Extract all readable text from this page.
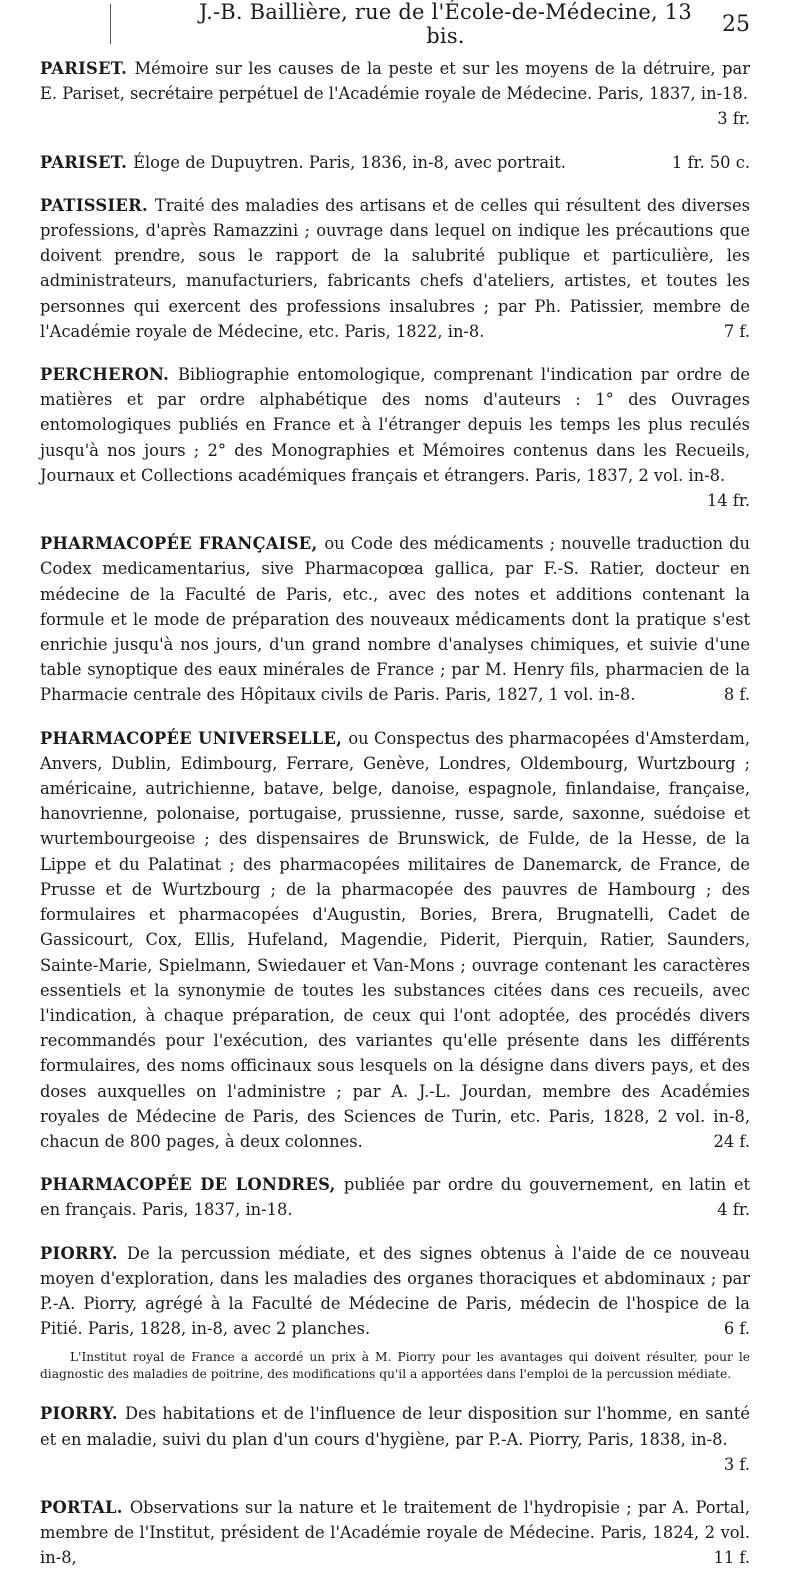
J.-B. Baillière, rue de l'École-de-Médecine, 13 bis.	25
PARISET. Mémoire sur les causes de la peste et sur les moyens de la détruire, par E. Pariset, secrétaire perpétuel de l'Académie royale de Médecine. Paris, 1837, in-18.
3 fr.
PARISET. Éloge de Dupuytren. Paris, 1836, in-8, avec portrait.	1 fr. 50 c.
PATISSIER. Traité des maladies des artisans et de celles qui résultent des diverses professions, d'après Ramazzini ; ouvrage dans lequel on indique les précautions que doivent prendre, sous le rapport de la salubrité publique et particulière, les administrateurs, manufacturiers, fabricants chefs d'ateliers, artistes, et toutes les personnes qui exercent des professions insalubres ; par Ph. Patissier, membre de l'Académie royale de Médecine, etc. Paris, 1822, in-8.	7 f.
PERCHERON. Bibliographie entomologique, comprenant l'indication par ordre de matières et par ordre alphabétique des noms d'auteurs : 1° des Ouvrages entomologiques publiés en France et à l'étranger depuis les temps les plus reculés jusqu'à nos jours ; 2° des Monographies et Mémoires contenus dans les Recueils, Journaux et Collections académiques français et étrangers. Paris, 1837, 2 vol. in-8.
14 fr.
PHARMACOPÉE FRANÇAISE, ou Code des médicaments ; nouvelle traduction du Codex medicamentarius, sive Pharmacopœa gallica, par F.-S. Ratier, docteur en médecine de la Faculté de Paris, etc., avec des notes et additions contenant la formule et le mode de préparation des nouveaux médicaments dont la pratique s'est enrichie jusqu'à nos jours, d'un grand nombre d'analyses chimiques, et suivie d'une table synoptique des eaux minérales de France ; par M. Henry fils, pharmacien de la Pharmacie centrale des Hôpitaux civils de Paris. Paris, 1827, 1 vol. in-8.	8 f.
PHARMACOPÉE UNIVERSELLE, ou Conspectus des pharmacopées d'Amsterdam, Anvers, Dublin, Edimbourg, Ferrare, Genève, Londres, Oldembourg, Wurtzbourg ; américaine, autrichienne, batave, belge, danoise, espagnole, finlandaise, française, hanovrienne, polonaise, portugaise, prussienne, russe, sarde, saxonne, suédoise et wurtembourgeoise ; des dispensaires de Brunswick, de Fulde, de la Hesse, de la Lippe et du Palatinat ; des pharmacopées militaires de Danemarck, de France, de Prusse et de Wurtzbourg ; de la pharmacopée des pauvres de Hambourg ; des formulaires et pharmacopées d'Augustin, Bories, Brera, Brugnatelli, Cadet de Gassicourt, Cox, Ellis, Hufeland, Magendie, Piderit, Pierquin, Ratier, Saunders, Sainte-Marie, Spielmann, Swiedauer et Van-Mons ; ouvrage contenant les caractères essentiels et la synonymie de toutes les substances citées dans ces recueils, avec l'indication, à chaque préparation, de ceux qui l'ont adoptée, des procédés divers recommandés pour l'exécution, des variantes qu'elle présente dans les différents formulaires, des noms officinaux sous lesquels on la désigne dans divers pays, et des doses auxquelles on l'administre ; par A. J.-L. Jourdan, membre des Académies royales de Médecine de Paris, des Sciences de Turin, etc. Paris, 1828, 2 vol. in-8, chacun de 800 pages, à deux colonnes.	24 f.
PHARMACOPÉE DE LONDRES, publiée par ordre du gouvernement, en latin et en français. Paris, 1837, in-18.	4 fr.
PIORRY. De la percussion médiate, et des signes obtenus à l'aide de ce nouveau moyen d'exploration, dans les maladies des organes thoraciques et abdominaux ; par P.-A. Piorry, agrégé à la Faculté de Médecine de Paris, médecin de l'hospice de la Pitié. Paris, 1828, in-8, avec 2 planches.	6 f.
L'Institut royal de France a accordé un prix à M. Piorry pour les avantages qui doivent résulter, pour le diagnostic des maladies de poitrine, des modifications qu'il a apportées dans l'emploi de la percussion médiate.
PIORRY. Des habitations et de l'influence de leur disposition sur l'homme, en santé et en maladie, suivi du plan d'un cours d'hygiène, par P.-A. Piorry, Paris, 1838, in-8.
3 f.
PORTAL. Observations sur la nature et le traitement de l'hydropisie ; par A. Portal, membre de l'Institut, président de l'Académie royale de Médecine. Paris, 1824, 2 vol. in-8,	11 f.
